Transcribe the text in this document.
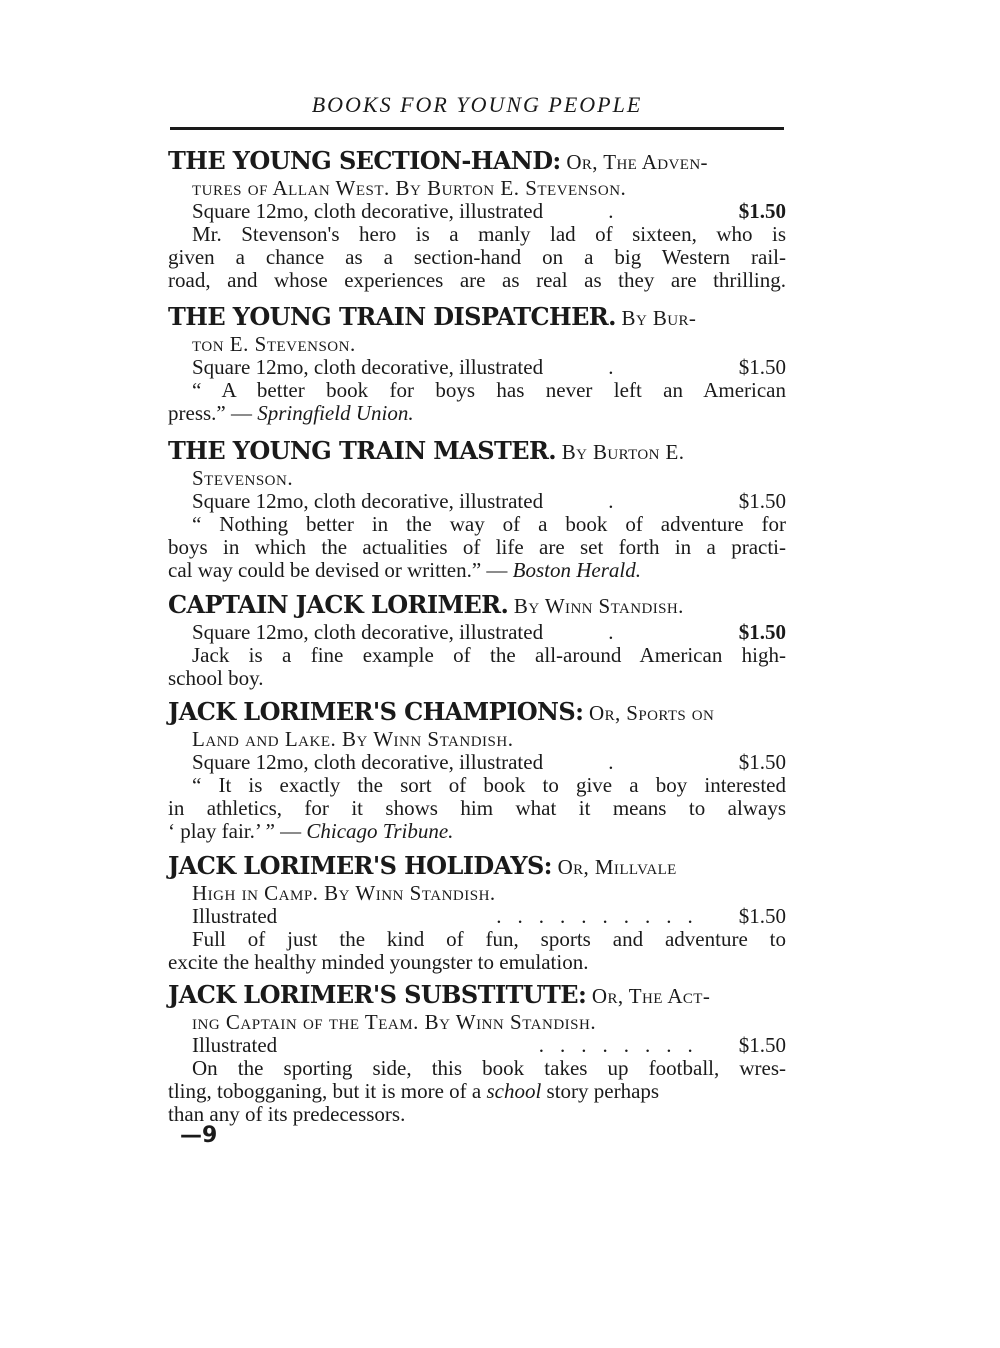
BOOKS FOR YOUNG PEOPLE
THE YOUNG SECTION-HAND: Or, The Adven-
tures of Allan West. By Burton E. Stevenson.
Square 12mo, cloth decorative, illustrated	.	$1.50
Mr. Stevenson's hero is a manly lad of sixteen, who is
given a chance as a section-hand on a big Western rail-
road, and whose experiences are as real as they are thrilling.
THE YOUNG TRAIN DISPATCHER. By Bur-
ton E. Stevenson.
Square 12mo, cloth decorative, illustrated	.	$1.50
“ A better book for boys has never left an American
press.” — Springfield Union.
THE YOUNG TRAIN MASTER. By Burton E.
Stevenson.
Square 12mo, cloth decorative, illustrated	.	$1.50
“ Nothing better in the way of a book of adventure for
boys in which the actualities of life are set forth in a practi-
cal way could be devised or written.” — Boston Herald.
CAPTAIN JACK LORIMER. By Winn Standish.
Square 12mo, cloth decorative, illustrated	.	$1.50
Jack is a fine example of the all-around American high-
school boy.
JACK LORIMER'S CHAMPIONS: Or, Sports on
Land and Lake. By Winn Standish.
Square 12mo, cloth decorative, illustrated	.	$1.50
“ It is exactly the sort of book to give a boy interested
in athletics, for it shows him what it means to always
‘ play fair.’ ” — Chicago Tribune.
JACK LORIMER'S HOLIDAYS: Or, Millvale
High in Camp. By Winn Standish.
Illustrated	..........	$1.50
Full of just the kind of fun, sports and adventure to
excite the healthy minded youngster to emulation.
JACK LORIMER'S SUBSTITUTE: Or, The Act-
ing Captain of the Team. By Winn Standish.
Illustrated	........	$1.50
On the sporting side, this book takes up football, wres-
tling, tobogganing, but it is more of a school story perhaps
than any of its predecessors.
—9
